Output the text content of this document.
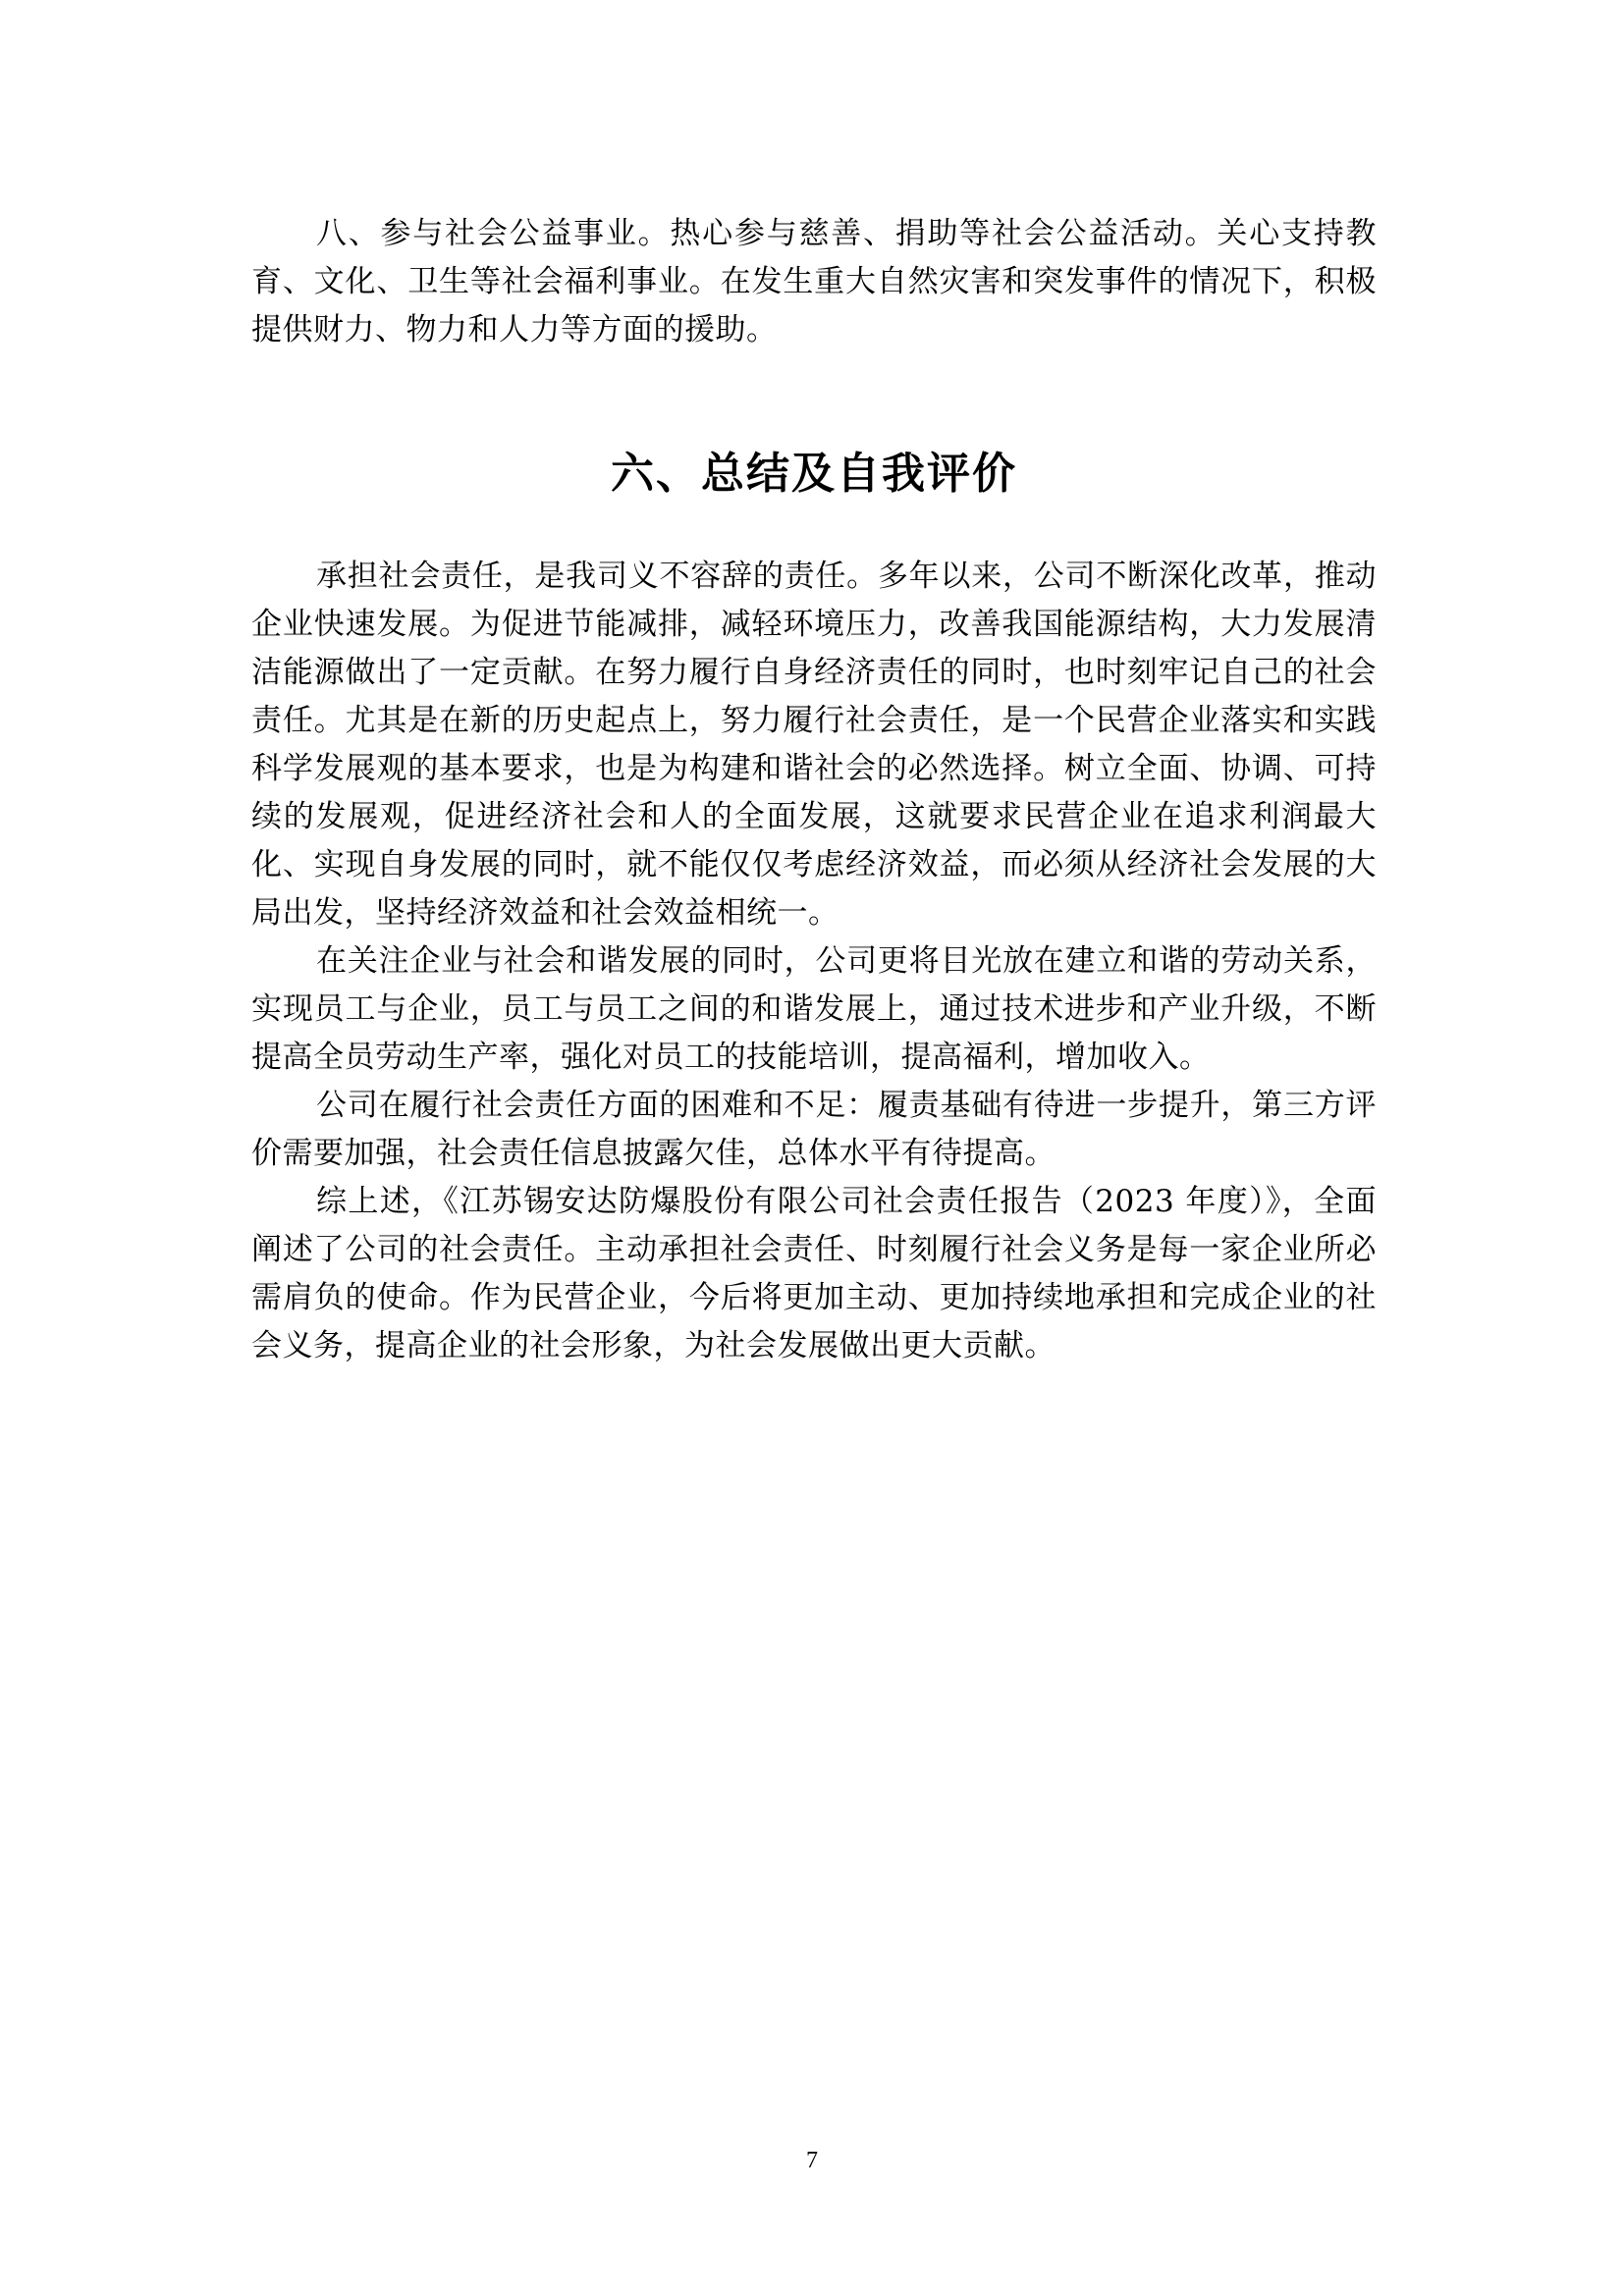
八、参与社会公益事业。热心参与慈善、捐助等社会公益活动。关心支持教育、文化、卫生等社会福利事业。在发生重大自然灾害和突发事件的情况下，积极提供财力、物力和人力等方面的援助。

六、总结及自我评价

承担社会责任，是我司义不容辞的责任。多年以来，公司不断深化改革，推动企业快速发展。为促进节能减排，减轻环境压力，改善我国能源结构，大力发展清洁能源做出了一定贡献。在努力履行自身经济责任的同时，也时刻牢记自己的社会责任。尤其是在新的历史起点上，努力履行社会责任，是一个民营企业落实和实践科学发展观的基本要求，也是为构建和谐社会的必然选择。树立全面、协调、可持续的发展观，促进经济社会和人的全面发展，这就要求民营企业在追求利润最大化、实现自身发展的同时，就不能仅仅考虑经济效益，而必须从经济社会发展的大局出发，坚持经济效益和社会效益相统一。

在关注企业与社会和谐发展的同时，公司更将目光放在建立和谐的劳动关系，实现员工与企业，员工与员工之间的和谐发展上，通过技术进步和产业升级，不断提高全员劳动生产率，强化对员工的技能培训，提高福利，增加收入。

公司在履行社会责任方面的困难和不足：履责基础有待进一步提升，第三方评价需要加强，社会责任信息披露欠佳，总体水平有待提高。

综上述，《江苏锡安达防爆股份有限公司社会责任报告（2023 年度）》，全面阐述了公司的社会责任。主动承担社会责任、时刻履行社会义务是每一家企业所必需肩负的使命。作为民营企业，今后将更加主动、更加持续地承担和完成企业的社会义务，提高企业的社会形象，为社会发展做出更大贡献。

7
